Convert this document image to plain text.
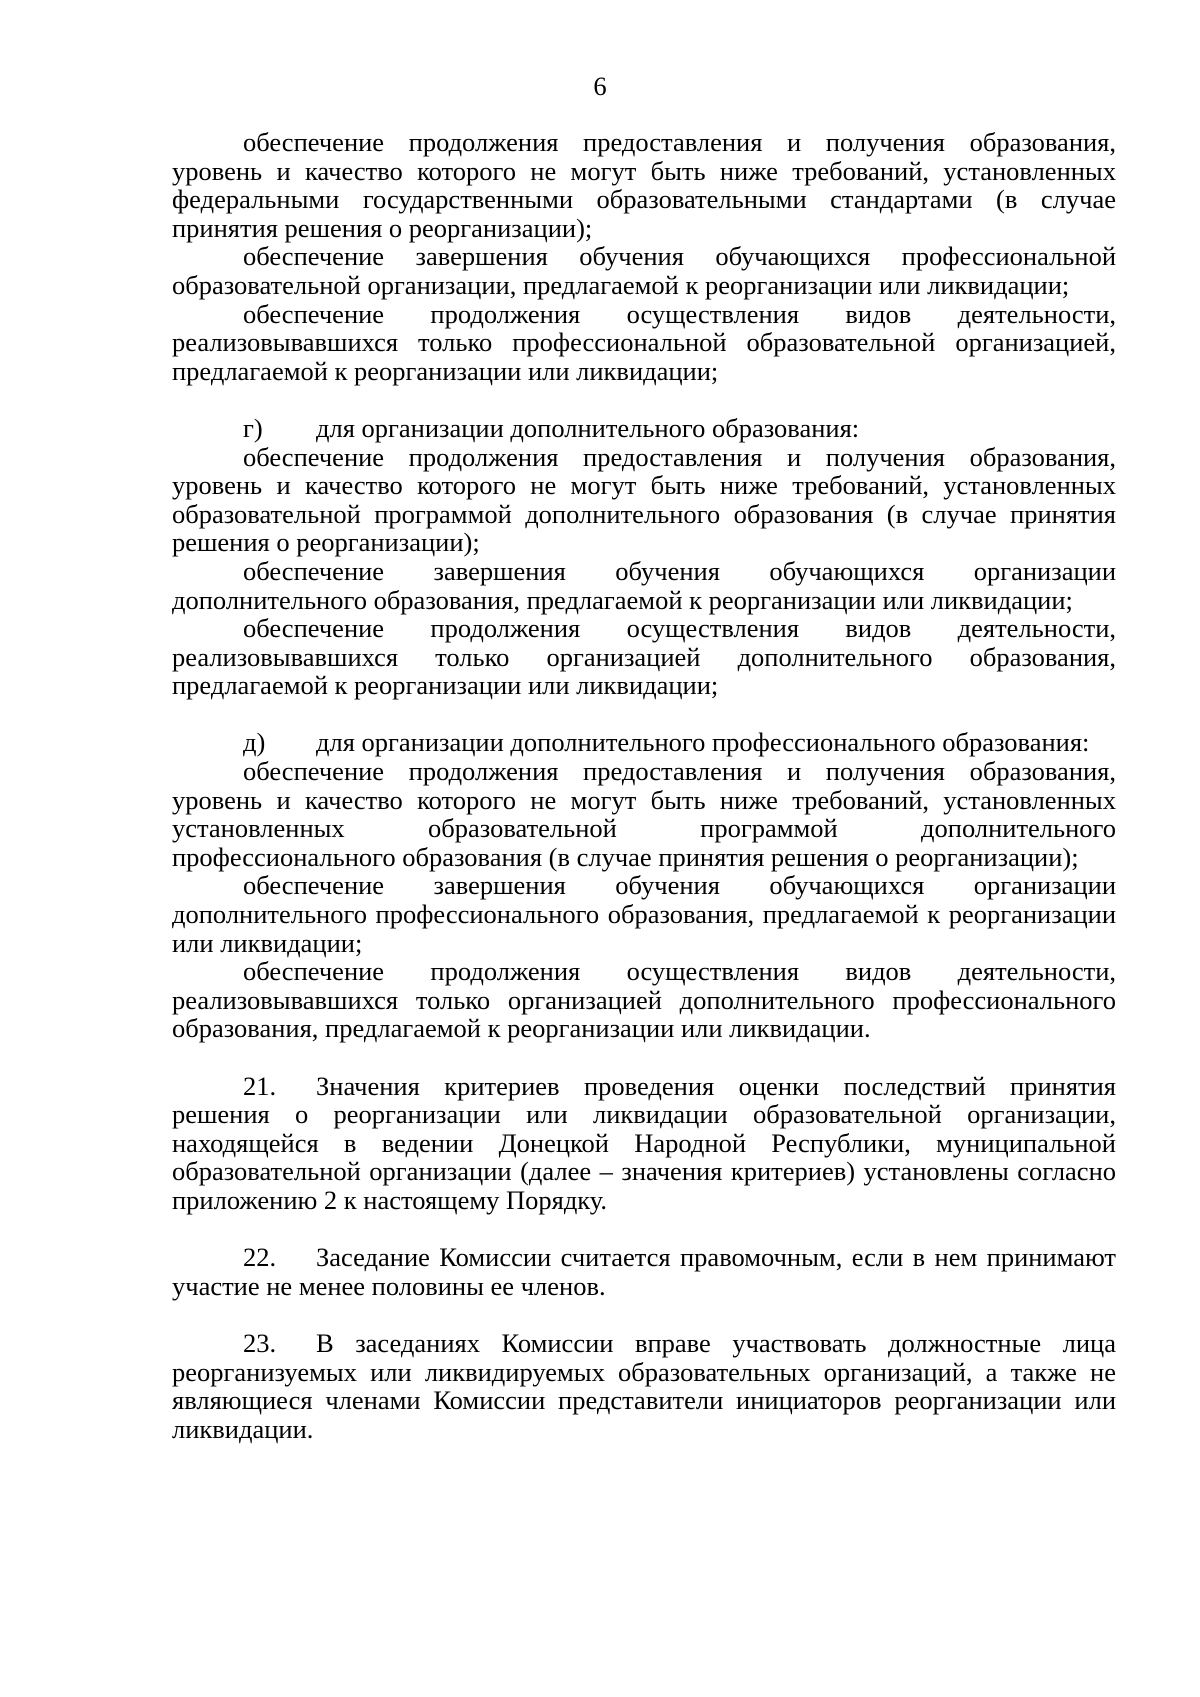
6

обеспечение продолжения предоставления и получения образования, уровень и качество которого не могут быть ниже требований, установленных федеральными государственными образовательными стандартами (в случае принятия решения о реорганизации);

обеспечение завершения обучения обучающихся профессиональной образовательной организации, предлагаемой к реорганизации или ликвидации;

обеспечение продолжения осуществления видов деятельности, реализовывавшихся только профессиональной образовательной организацией, предлагаемой к реорганизации или ликвидации;

г) для организации дополнительного образования:

обеспечение продолжения предоставления и получения образования, уровень и качество которого не могут быть ниже требований, установленных образовательной программой дополнительного образования (в случае принятия решения о реорганизации);

обеспечение завершения обучения обучающихся организации дополнительного образования, предлагаемой к реорганизации или ликвидации;

обеспечение продолжения осуществления видов деятельности, реализовывавшихся только организацией дополнительного образования, предлагаемой к реорганизации или ликвидации;

д) для организации дополнительного профессионального образования:

обеспечение продолжения предоставления и получения образования, уровень и качество которого не могут быть ниже требований, установленных установленных образовательной программой дополнительного профессионального образования (в случае принятия решения о реорганизации);

обеспечение завершения обучения обучающихся организации дополнительного профессионального образования, предлагаемой к реорганизации или ликвидации;

обеспечение продолжения осуществления видов деятельности, реализовывавшихся только организацией дополнительного профессионального образования, предлагаемой к реорганизации или ликвидации.

21. Значения критериев проведения оценки последствий принятия решения о реорганизации или ликвидации образовательной организации, находящейся в ведении Донецкой Народной Республики, муниципальной образовательной организации (далее – значения критериев) установлены согласно приложению 2 к настоящему Порядку.

22. Заседание Комиссии считается правомочным, если в нем принимают участие не менее половины ее членов.

23. В заседаниях Комиссии вправе участвовать должностные лица реорганизуемых или ликвидируемых образовательных организаций, а также не являющиеся членами Комиссии представители инициаторов реорганизации или ликвидации.
